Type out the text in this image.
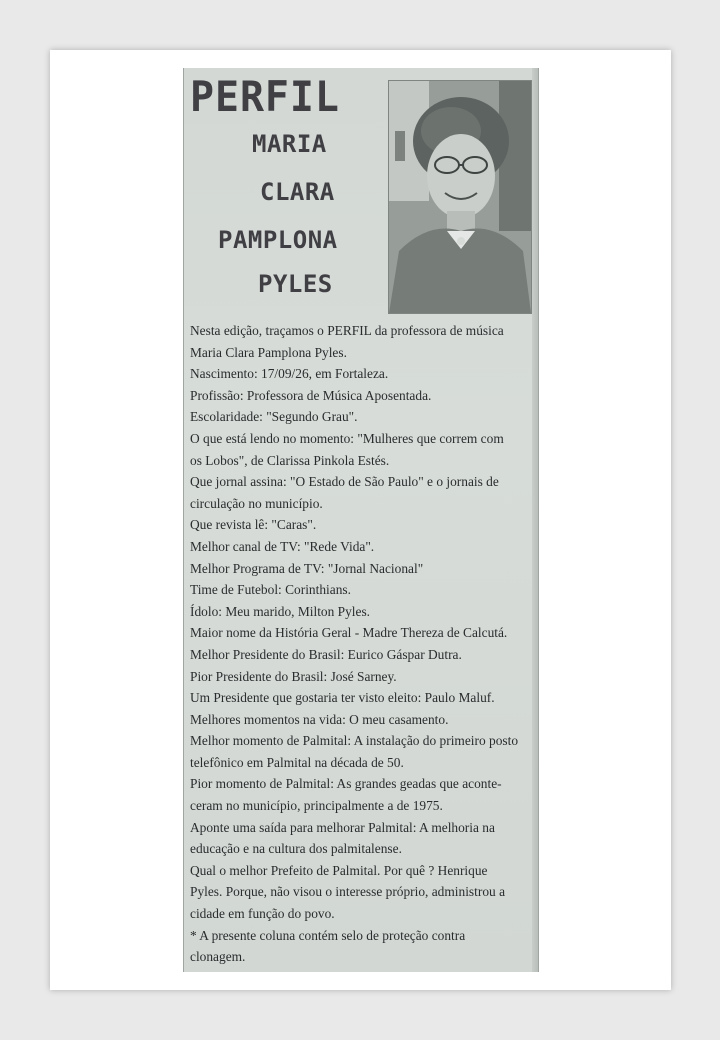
PERFIL
MARIA
CLARA
PAMPLONA
PYLES

Nesta edição, traçamos o PERFIL da professora de música
Maria Clara Pamplona Pyles.
Nascimento: 17/09/26, em Fortaleza.
Profissão: Professora de Música Aposentada.
Escolaridade: "Segundo Grau".
O que está lendo no momento: "Mulheres que correm com
os Lobos", de Clarissa Pinkola Estés.
Que jornal assina: "O Estado de São Paulo" e o jornais de
circulação no município.
Que revista lê: "Caras".
Melhor canal de TV: "Rede Vida".
Melhor Programa de TV: "Jornal Nacional"
Time de Futebol: Corinthians.
Ídolo: Meu marido, Milton Pyles.
Maior nome da História Geral - Madre Thereza de Calcutá.
Melhor Presidente do Brasil: Eurico Gáspar Dutra.
Pior Presidente do Brasil: José Sarney.
Um Presidente que gostaria ter visto eleito: Paulo Maluf.
Melhores momentos na vida: O meu casamento.
Melhor momento de Palmital: A instalação do primeiro posto
telefônico em Palmital na década de 50.
Pior momento de Palmital: As grandes geadas que aconte-
ceram no município, principalmente a de 1975.
Aponte uma saída para melhorar Palmital: A melhoria na
educação e na cultura dos palmitalense.
Qual o melhor Prefeito de Palmital. Por quê ? Henrique
Pyles. Porque, não visou o interesse próprio, administrou a
cidade em função do povo.
* A presente coluna contém selo de proteção contra
clonagem.
